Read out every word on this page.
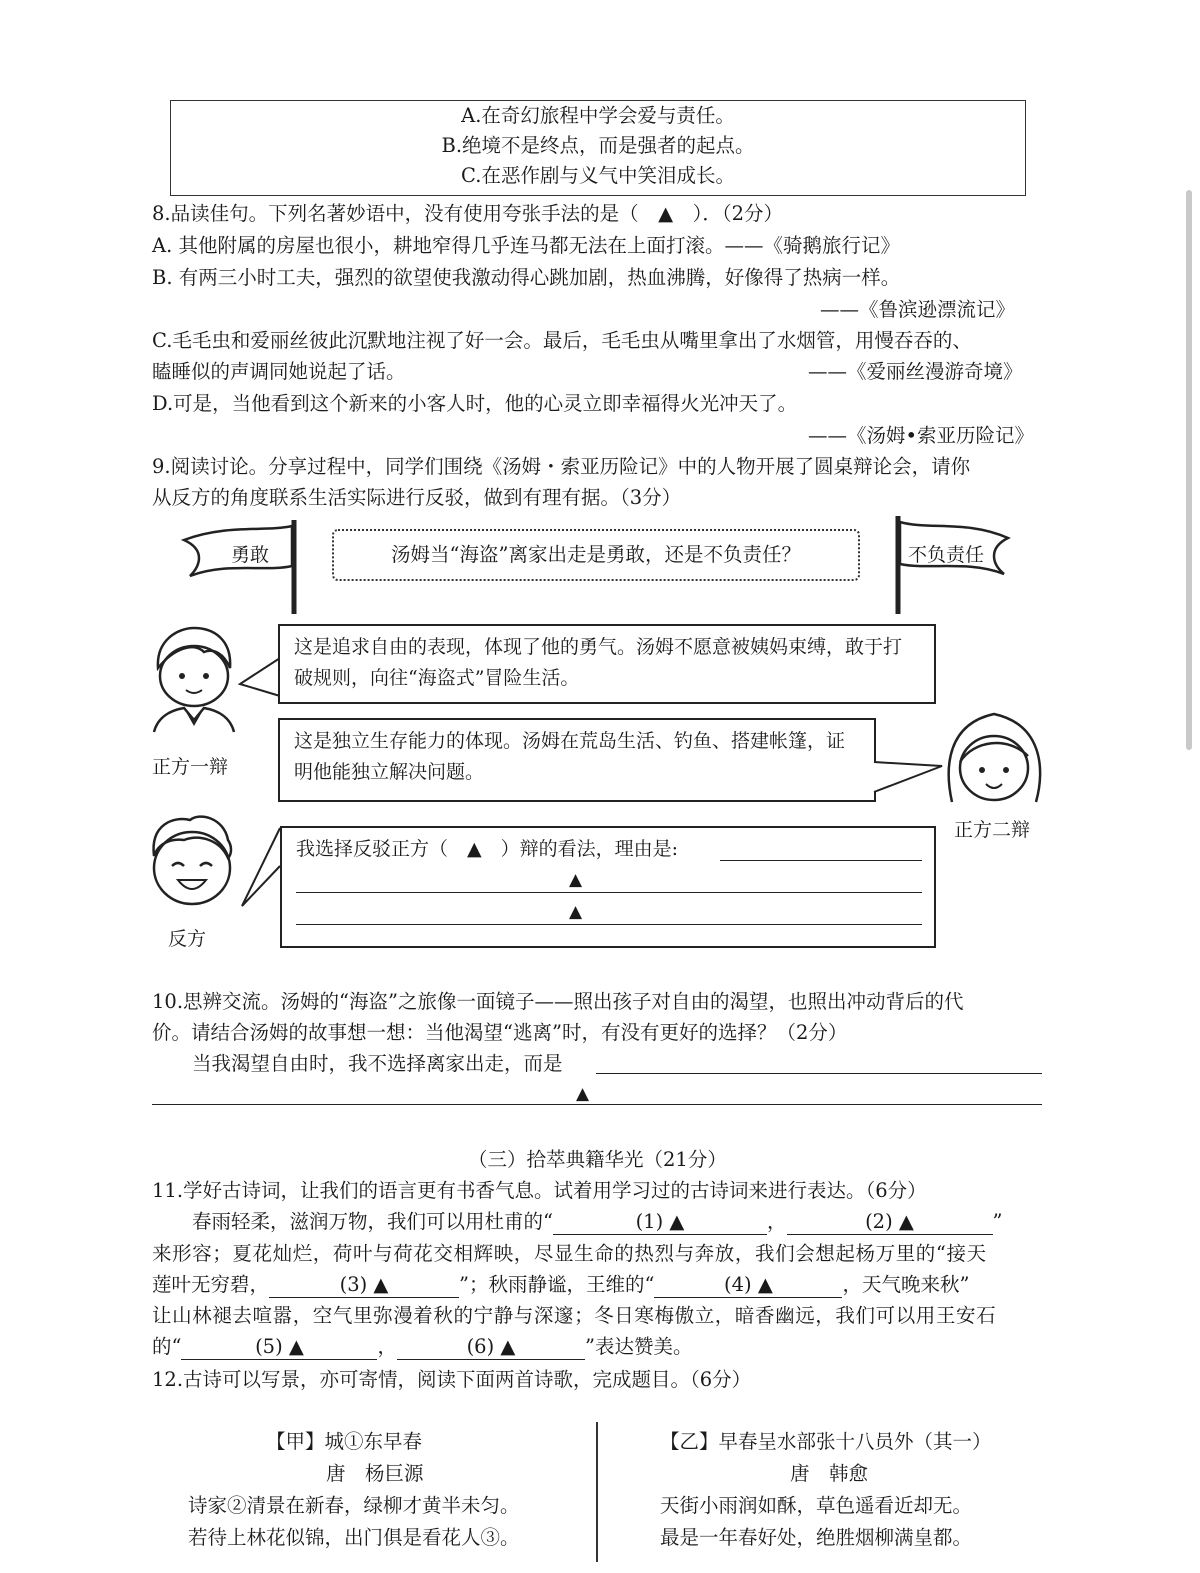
A.在奇幻旅程中学会爱与责任。
B.绝境不是终点，而是强者的起点。
C.在恶作剧与义气中笑泪成长。
8.品读佳句。下列名著妙语中，没有使用夸张手法的是（　▲　）．（2分）
A. 其他附属的房屋也很小，耕地窄得几乎连马都无法在上面打滚。——《骑鹅旅行记》
B. 有两三小时工夫，强烈的欲望使我激动得心跳加剧，热血沸腾，好像得了热病一样。
——《鲁滨逊漂流记》
C.毛毛虫和爱丽丝彼此沉默地注视了好一会。最后，毛毛虫从嘴里拿出了水烟管，用慢吞吞的、
瞌睡似的声调同她说起了话。	——《爱丽丝漫游奇境》
D.可是，当他看到这个新来的小客人时，他的心灵立即幸福得火光冲天了。
——《汤姆•索亚历险记》
9.阅读讨论。分享过程中，同学们围绕《汤姆・索亚历险记》中的人物开展了圆桌辩论会，请你
从反方的角度联系生活实际进行反驳，做到有理有据。（3分）
勇敢	不负责任
汤姆当“海盗”离家出走是勇敢，还是不负责任？
正方一辩
这是追求自由的表现，体现了他的勇气。汤姆不愿意被姨妈束缚，敢于打破规则，向往“海盗式”冒险生活。
这是独立生存能力的体现。汤姆在荒岛生活、钓鱼、搭建帐篷，证明他能独立解决问题。
正方二辩
反方
我选择反驳正方（　▲　）辩的看法，理由是:
▲
▲
10.思辨交流。汤姆的“海盗”之旅像一面镜子——照出孩子对自由的渴望，也照出冲动背后的代
价。请结合汤姆的故事想一想：当他渴望“逃离”时，有没有更好的选择？（2分）
当我渴望自由时，我不选择离家出走，而是
▲
（三）拾萃典籍华光（21分）
11.学好古诗词，让我们的语言更有书香气息。试着用学习过的古诗词来进行表达。（6分）
春雨轻柔，滋润万物，我们可以用杜甫的“	(1) ▲	，	(2) ▲	”
来形容；夏花灿烂，荷叶与荷花交相辉映，尽显生命的热烈与奔放，我们会想起杨万里的“接天
莲叶无穷碧，	(3) ▲	”；秋雨静谧，王维的“	(4) ▲	，天气晚来秋”
让山林褪去喧嚣，空气里弥漫着秋的宁静与深邃；冬日寒梅傲立，暗香幽远，我们可以用王安石
的“	(5) ▲	，	(6) ▲	”表达赞美。
12.古诗可以写景，亦可寄情，阅读下面两首诗歌，完成题目。（6分）
【甲】城①东早春
唐　杨巨源
诗家②清景在新春，绿柳才黄半未匀。
若待上林花似锦，出门俱是看花人③。
【乙】早春呈水部张十八员外（其一）
唐　韩愈
天街小雨润如酥，草色遥看近却无。
最是一年春好处，绝胜烟柳满皇都。
